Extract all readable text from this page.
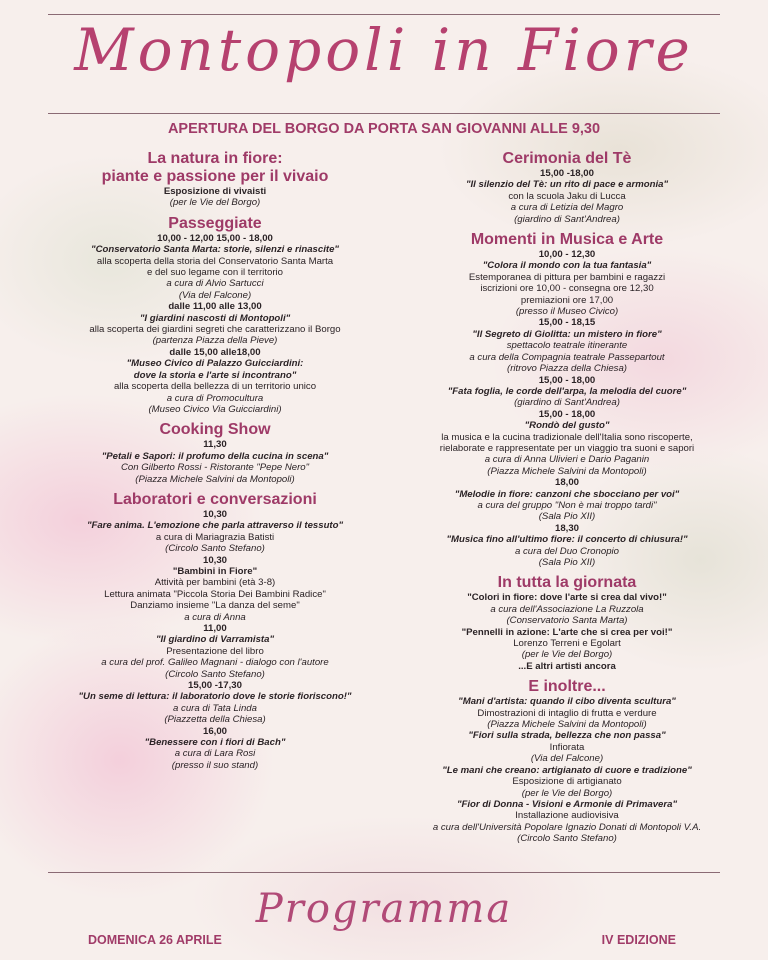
Montopoli in Fiore
APERTURA DEL BORGO DA PORTA SAN GIOVANNI ALLE 9,30
La natura in fiore:
piante e passione per il vivaio
Esposizione di vivaisti
(per le Vie del Borgo)
Passeggiate
10,00 - 12,00 15,00 - 18,00
"Conservatorio Santa Marta: storie, silenzi e rinascite"
alla scoperta della storia del Conservatorio Santa Marta
e del suo legame con il territorio
a cura di Alvio Sartucci
(Via del Falcone)
dalle 11,00 alle 13,00
"I giardini nascosti di Montopoli"
alla scoperta dei giardini segreti che caratterizzano il Borgo
(partenza Piazza della Pieve)
dalle 15,00 alle18,00
"Museo Civico di Palazzo Guicciardini:
dove la storia e l'arte si incontrano"
alla scoperta della bellezza di un territorio unico
a cura di Promocultura
(Museo Civico Via Guicciardini)
Cooking Show
11,30
"Petali e Sapori: il profumo della cucina in scena"
Con Gilberto Rossi - Ristorante "Pepe Nero"
(Piazza Michele Salvini da Montopoli)
Laboratori e conversazioni
10,30
"Fare anima. L'emozione che parla attraverso il tessuto"
a cura di Mariagrazia Batisti
(Circolo Santo Stefano)
10,30
"Bambini in Fiore"
Attività per bambini (età 3-8)
Lettura animata "Piccola Storia Dei Bambini Radice"
Danziamo insieme "La danza del seme"
a cura di Anna
11,00
"Il giardino di Varramista"
Presentazione del libro
a cura del prof. Galileo Magnani - dialogo con l'autore
(Circolo Santo Stefano)
15,00 -17,30
"Un seme di lettura: il laboratorio dove le storie fioriscono!"
a cura di Tata Linda
(Piazzetta della Chiesa)
16,00
"Benessere con i fiori di Bach"
a cura di Lara Rosi
(presso il suo stand)
Cerimonia del Tè
15,00 -18,00
"Il silenzio del Tè: un rito di pace e armonia"
con la scuola Jaku di Lucca
a cura di Letizia del Magro
(giardino di Sant'Andrea)
Momenti in Musica e Arte
10,00 - 12,30
"Colora il mondo con la tua fantasia"
Estemporanea di pittura per bambini e ragazzi
iscrizioni ore 10,00 - consegna ore 12,30
premiazioni ore 17,00
(presso il Museo Civico)
15,00 - 18,15
"Il Segreto di Giolitta: un mistero in fiore"
spettacolo teatrale itinerante
a cura della Compagnia teatrale Passepartout
(ritrovo Piazza della Chiesa)
15,00 - 18,00
"Fata foglia, le corde dell'arpa, la melodia del cuore"
(giardino di Sant'Andrea)
15,00 - 18,00
"Rondò del gusto"
la musica e la cucina tradizionale dell'Italia sono riscoperte,
rielaborate e rappresentate per un viaggio tra suoni e sapori
a cura di Anna Ulivieri e Dario Paganin
(Piazza Michele Salvini da Montopoli)
18,00
"Melodie in fiore: canzoni che sbocciano per voi"
a cura del gruppo "Non è mai troppo tardi"
(Sala Pio XII)
18,30
"Musica fino all'ultimo fiore: il concerto di chiusura!"
a cura del Duo Cronopio
(Sala Pio XII)
In tutta la giornata
"Colori in fiore: dove l'arte si crea dal vivo!"
a cura dell'Associazione La Ruzzola
(Conservatorio Santa Marta)
"Pennelli in azione: L'arte che si crea per voi!"
Lorenzo Terreni e Egolart
(per le Vie del Borgo)
...E altri artisti ancora
E inoltre...
"Mani d'artista: quando il cibo diventa scultura"
Dimostrazioni di intaglio di frutta e verdure
(Piazza Michele Salvini da Montopoli)
"Fiori sulla strada, bellezza che non passa"
Infiorata
(Via del Falcone)
"Le mani che creano: artigianato di cuore e tradizione"
Esposizione di artigianato
(per le Vie del Borgo)
"Fior di Donna - Visioni e Armonie di Primavera"
Installazione audiovisiva
a cura dell'Università Popolare Ignazio Donati di Montopoli V.A.
(Circolo Santo Stefano)
Programma
DOMENICA 26 APRILE	IV EDIZIONE
